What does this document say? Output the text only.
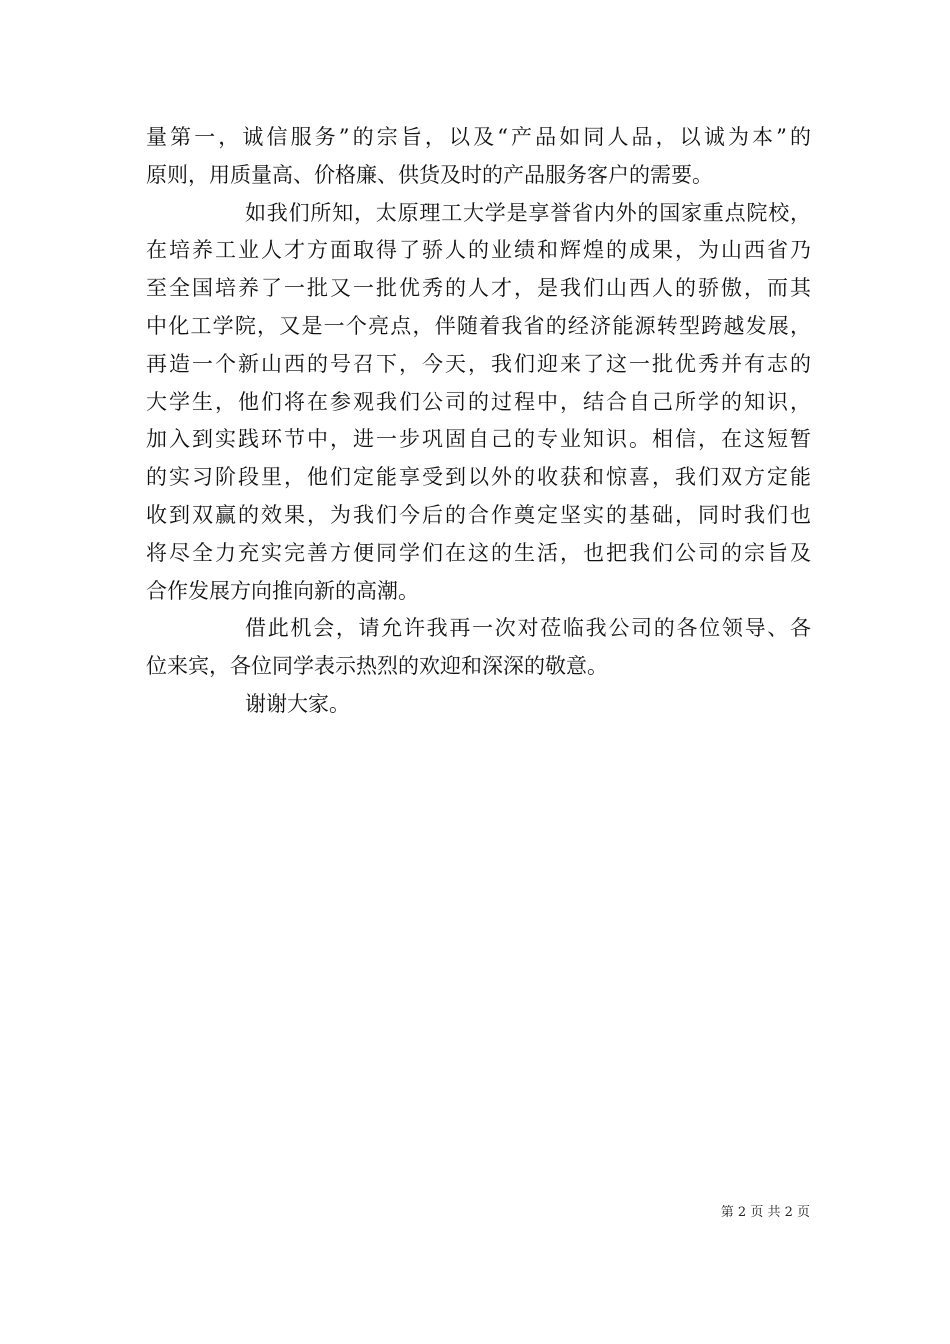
量第一，诚信服务”的宗旨，以及“产品如同人品，以诚为本”的
原则，用质量高、价格廉、供货及时的产品服务客户的需要。
如我们所知，太原理工大学是享誉省内外的国家重点院校，
在培养工业人才方面取得了骄人的业绩和辉煌的成果，为山西省乃
至全国培养了一批又一批优秀的人才，是我们山西人的骄傲，而其
中化工学院，又是一个亮点，伴随着我省的经济能源转型跨越发展，
再造一个新山西的号召下，今天，我们迎来了这一批优秀并有志的
大学生，他们将在参观我们公司的过程中，结合自己所学的知识，
加入到实践环节中，进一步巩固自己的专业知识。相信，在这短暂
的实习阶段里，他们定能享受到以外的收获和惊喜，我们双方定能
收到双赢的效果，为我们今后的合作奠定坚实的基础，同时我们也
将尽全力充实完善方便同学们在这的生活，也把我们公司的宗旨及
合作发展方向推向新的高潮。
借此机会，请允许我再一次对莅临我公司的各位领导、各
位来宾，各位同学表示热烈的欢迎和深深的敬意。
谢谢大家。
第 2 页 共 2 页
